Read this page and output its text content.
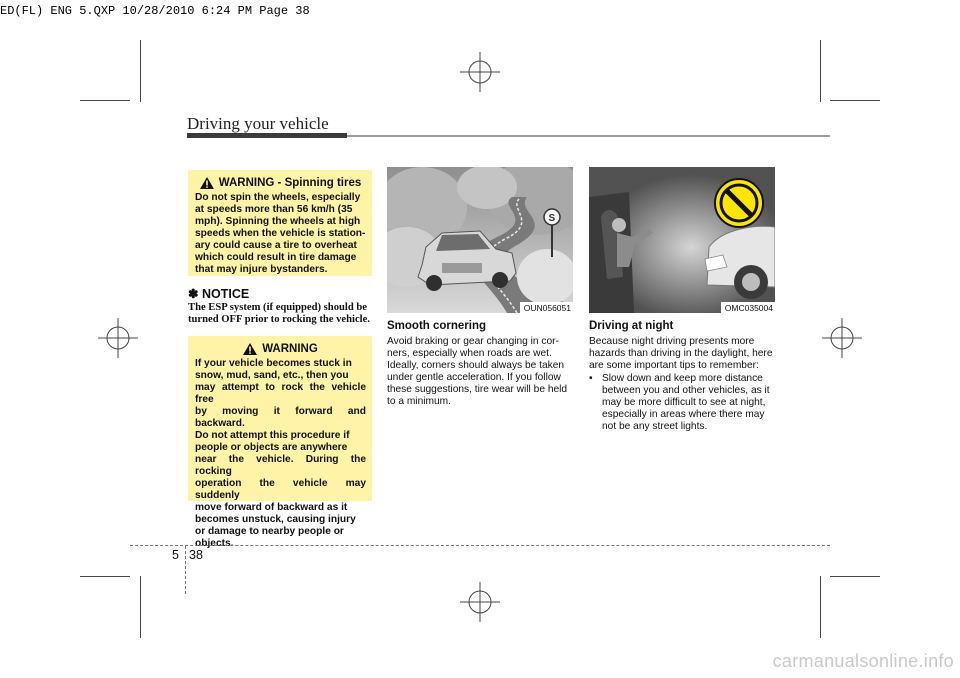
ED(FL) ENG 5.QXP 10/28/2010 6:24 PM Page 38
Driving your vehicle
WARNING - Spinning tires
Do not spin the wheels, especially
at speeds more than 56 km/h (35
mph). Spinning the wheels at high
speeds when the vehicle is station-
ary could cause a tire to overheat
which could result in tire damage
that may injure bystanders.
✽ NOTICE
The ESP system (if equipped) should be
turned OFF prior to rocking the vehicle.
WARNING
If your vehicle becomes stuck in
snow, mud, sand, etc., then you
may attempt to rock the vehicle free
by moving it forward and backward.
Do not attempt this procedure if
people or objects are anywhere
near the vehicle. During the rocking
operation the vehicle may suddenly
move forward of backward as it
becomes unstuck, causing injury
or damage to nearby people or
objects.
S
OUN056051
Smooth cornering
Avoid braking or gear changing in cor-
ners, especially when roads are wet.
Ideally, corners should always be taken
under gentle acceleration. If you follow
these suggestions, tire wear will be held
to a minimum.
OMC035004
Driving at night
Because night driving presents more
hazards than driving in the daylight, here
are some important tips to remember:
• Slow down and keep more distance
between you and other vehicles, as it
may be more difficult to see at night,
especially in areas where there may
not be any street lights.
5 38
carmanualsonline.info
